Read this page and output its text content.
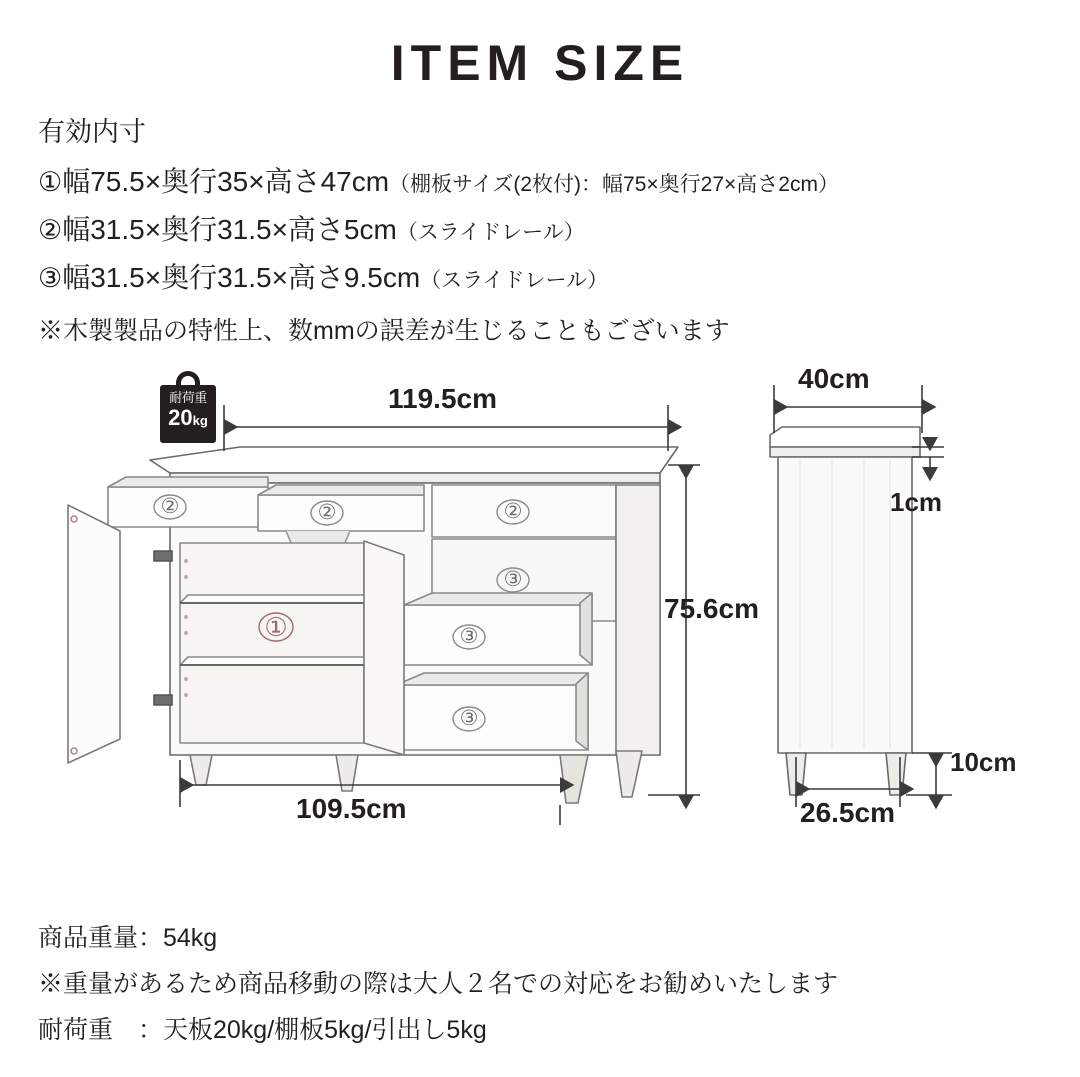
ITEM SIZE
有効内寸
①幅75.5×奥行35×高さ47cm（棚板サイズ(2枚付)：幅75×奥行27×高さ2cm）
②幅31.5×奥行31.5×高さ5cm（スライドレール）
③幅31.5×奥行31.5×高さ9.5cm（スライドレール）
※木製製品の特性上、数mmの誤差が生じることもございます
耐荷重
20kg
119.5cm
109.5cm
75.6cm
40cm
1cm
10cm
26.5cm
②	②	②
③
③
③
①
商品重量：54kg
※重量があるため商品移動の際は大人２名での対応をお勧めいたします
耐荷重　：天板20kg/棚板5kg/引出し5kg
